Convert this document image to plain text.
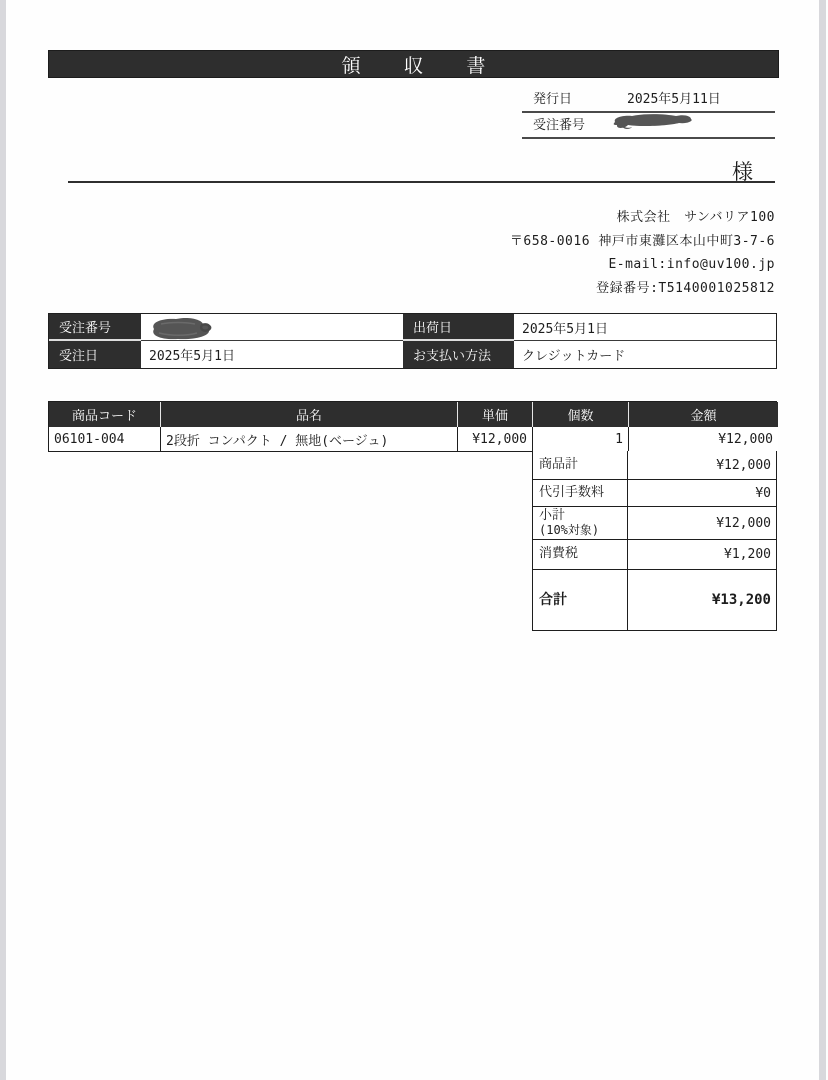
領 収 書
発行日	2025年5月11日
受注番号
様
株式会社　サンバリア100
〒658-0016 神戸市東灘区本山中町3-7-6
E-mail:info@uv100.jp
登録番号:T5140001025812
受注番号	出荷日	2025年5月1日
受注日	2025年5月1日	お支払い方法	クレジットカード
商品コード	品名	単価	個数	金額
06101-004	2段折 コンパクト / 無地(ベージュ)	¥12,000	1	¥12,000
商品計	¥12,000
代引手数料	¥0
小計
(10%対象)	¥12,000
消費税	¥1,200
合計	¥13,200
